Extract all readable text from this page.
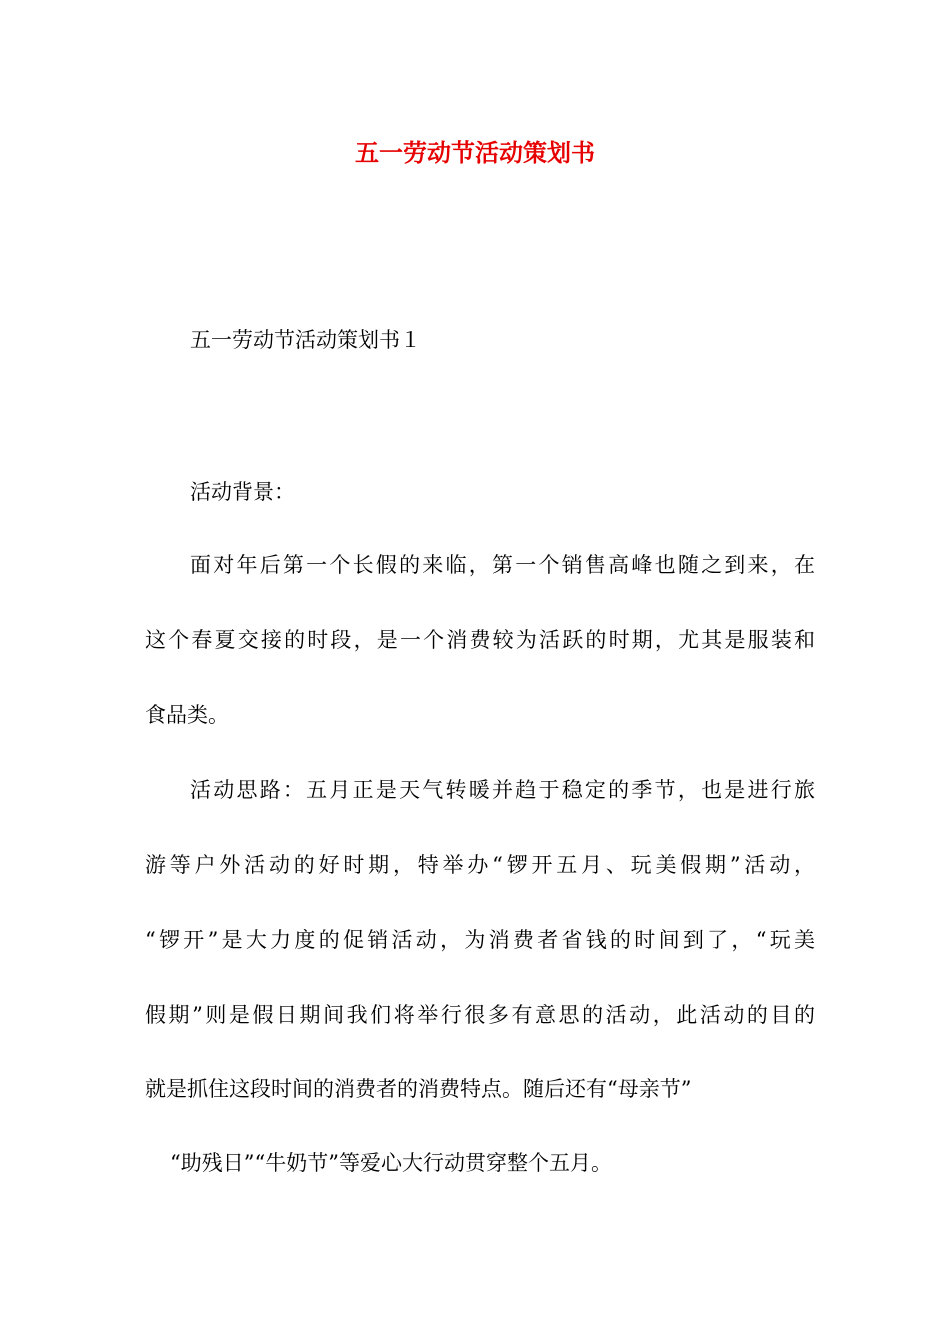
五一劳动节活动策划书

五一劳动节活动策划书１

活动背景：

面对年后第一个长假的来临，第一个销售高峰也随之到来，在

这个春夏交接的时段，是一个消费较为活跃的时期，尤其是服装和

食品类。

活动思路：五月正是天气转暖并趋于稳定的季节，也是进行旅

游等户外活动的好时期，特举办“锣开五月、玩美假期”活动，

“锣开”是大力度的促销活动，为消费者省钱的时间到了，“玩美

假期”则是假日期间我们将举行很多有意思的活动，此活动的目的

就是抓住这段时间的消费者的消费特点。随后还有“母亲节”

“助残日”“牛奶节”等爱心大行动贯穿整个五月。
